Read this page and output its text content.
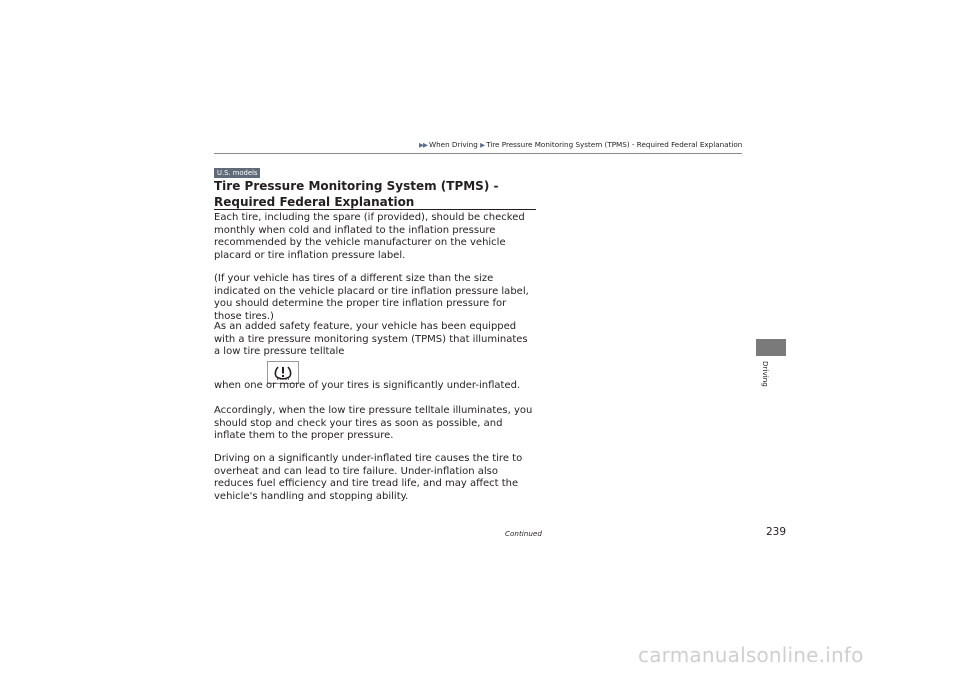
▶▶ When Driving ▶ Tire Pressure Monitoring System (TPMS) - Required Federal Explanation
U.S. models
Tire Pressure Monitoring System (TPMS) - Required Federal Explanation

Each tire, including the spare (if provided), should be checked monthly when cold and inflated to the inflation pressure recommended by the vehicle manufacturer on the vehicle placard or tire inflation pressure label.

(If your vehicle has tires of a different size than the size indicated on the vehicle placard or tire inflation pressure label, you should determine the proper tire inflation pressure for those tires.)

As an added safety feature, your vehicle has been equipped with a tire pressure monitoring system (TPMS) that illuminates a low tire pressure telltale

when one or more of your tires is significantly under-inflated.

Accordingly, when the low tire pressure telltale illuminates, you should stop and check your tires as soon as possible, and inflate them to the proper pressure.

Driving on a significantly under-inflated tire causes the tire to overheat and can lead to tire failure. Under-inflation also reduces fuel efficiency and tire tread life, and may affect the vehicle's handling and stopping ability.

Continued	239
Driving
carmanualsonline.info
